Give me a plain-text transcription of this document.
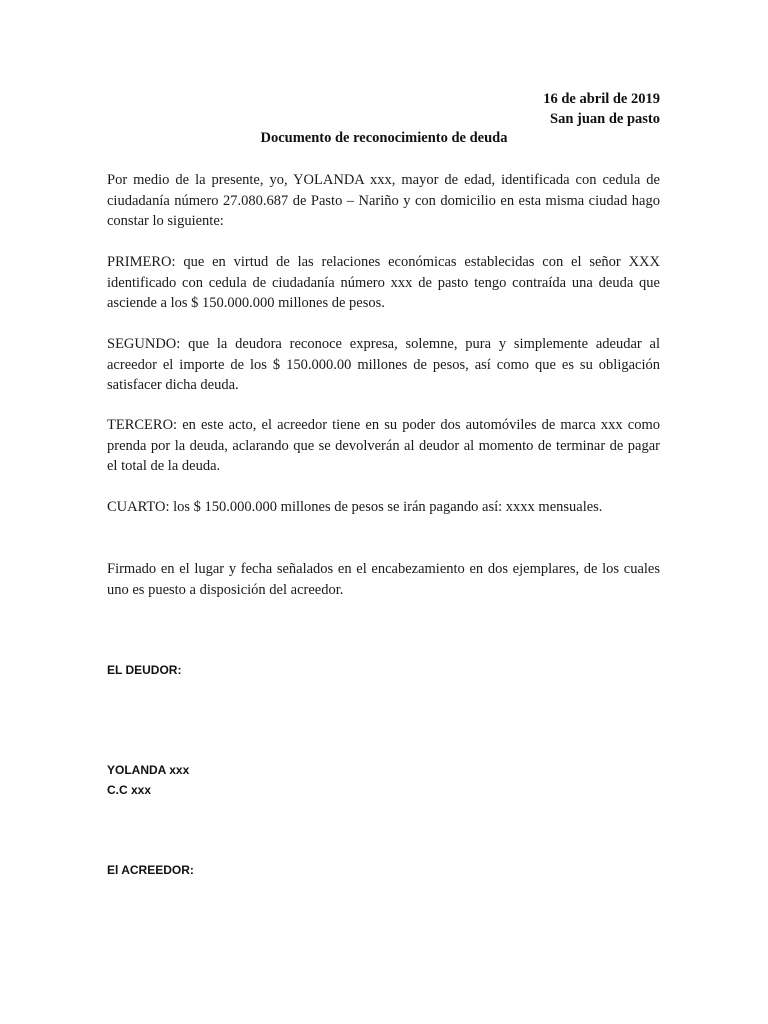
16 de abril de 2019
San juan de pasto
Documento de reconocimiento de deuda

Por medio de la presente, yo, YOLANDA xxx, mayor de edad, identificada con cedula de ciudadanía número 27.080.687 de Pasto – Nariño y con domicilio en esta misma ciudad hago constar lo siguiente:

PRIMERO: que en virtud de las relaciones económicas establecidas con el señor XXX identificado con cedula de ciudadanía número xxx de pasto tengo contraída una deuda que asciende a los $ 150.000.000 millones de pesos.

SEGUNDO: que la deudora reconoce expresa, solemne, pura y simplemente adeudar al acreedor el importe de los $ 150.000.00 millones de pesos, así como que es su obligación satisfacer dicha deuda.

TERCERO: en este acto, el acreedor tiene en su poder dos automóviles de marca xxx como prenda por la deuda, aclarando que se devolverán al deudor al momento de terminar de pagar el total de la deuda.

CUARTO: los $ 150.000.000 millones de pesos se irán pagando así: xxxx mensuales.

Firmado en el lugar y fecha señalados en el encabezamiento en dos ejemplares, de los cuales uno es puesto a disposición del acreedor.

EL DEUDOR:
YOLANDA xxx
C.C xxx
El ACREEDOR:
